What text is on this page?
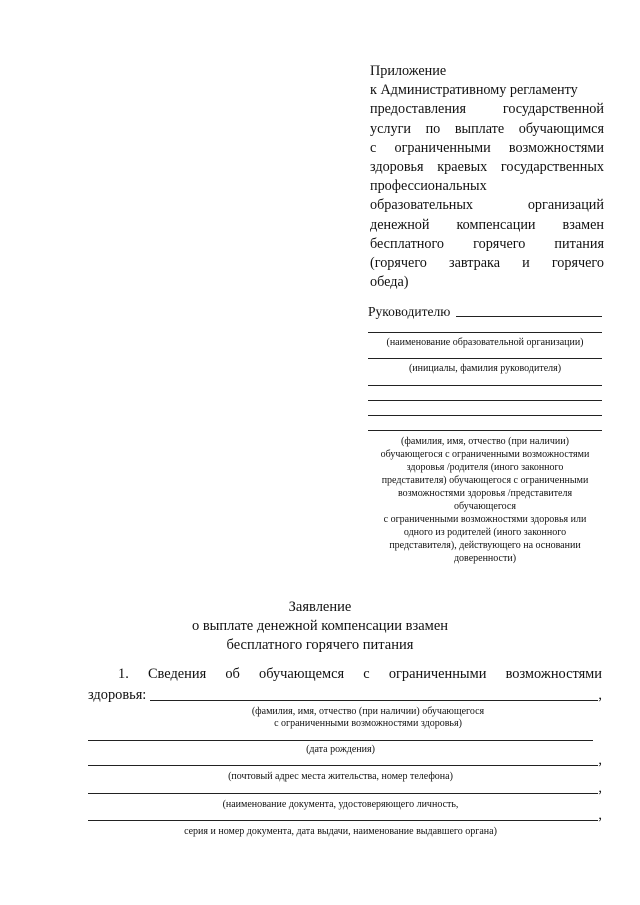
Приложение
к Административному регламенту
предоставления государственной
услуги по выплате обучающимся
с ограниченными возможностями
здоровья краевых государственных
профессиональных
образовательных организаций
денежной компенсации взамен
бесплатного горячего питания
(горячего завтрака и горячего
обеда)
Руководителю
(наименование образовательной организации)
(инициалы, фамилия руководителя)
(фамилия, имя, отчество (при наличии)
обучающегося с ограниченными возможностями
здоровья /родителя (иного законного
представителя) обучающегося с ограниченными
возможностями здоровья /представителя
обучающегося
с ограниченными возможностями здоровья или
одного из родителей (иного законного
представителя), действующего на основании
доверенности)
Заявление
о выплате денежной компенсации взамен
бесплатного горячего питания
1. Сведения об обучающемся с ограниченными возможностями
здоровья:	,
(фамилия, имя, отчество (при наличии) обучающегося
с ограниченными возможностями здоровья)
(дата рождения)
,
(почтовый адрес места жительства, номер телефона)
,
(наименование документа, удостоверяющего личность,
,
серия и номер документа, дата выдачи, наименование выдавшего органа)
